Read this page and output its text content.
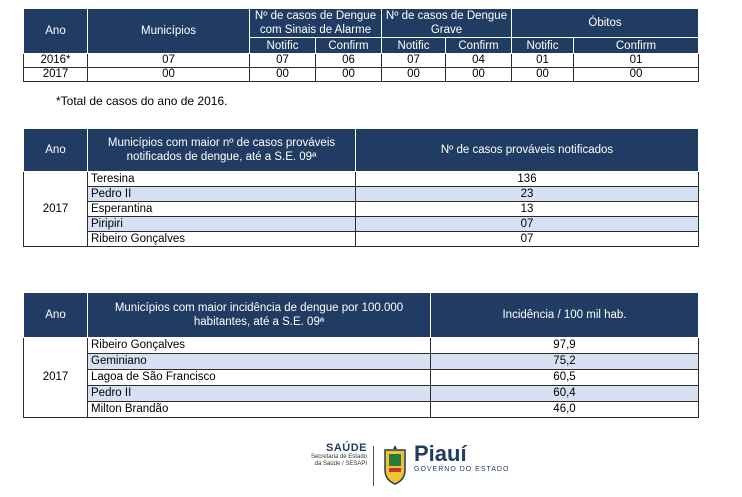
Ano	Municípios	Nº de casos de Dengue com Sinais de Alarme		Nº de casos de Dengue Grave		Óbitos	
		Notific	Confirm	Notific	Confirm	Notific	Confirm
2016*	07	07	06	07	04	01	01
2017	00	00	00	00	00	00	00
*Total de casos do ano de 2016.
Ano	Municípios com maior nº de casos prováveis notificados de dengue, até a S.E. 09ª	Nº de casos prováveis notificados
2017	Teresina	136
	Pedro II	23
	Esperantina	13
	Piripiri	07
	Ribeiro Gonçalves	07
Ano	Municípios com maior incidência de dengue por 100.000 habitantes, até a S.E. 09ª	Incidência / 100 mil hab.
2017	Ribeiro Gonçalves	97,9
	Geminiano	75,2
	Lagoa de São Francisco	60,5
	Pedro II	60,4
	Milton Brandão	46,0
SAÚDE
Secretaria de Estado
da Saúde / SESAPI Piauí
GOVERNO DO ESTADO
